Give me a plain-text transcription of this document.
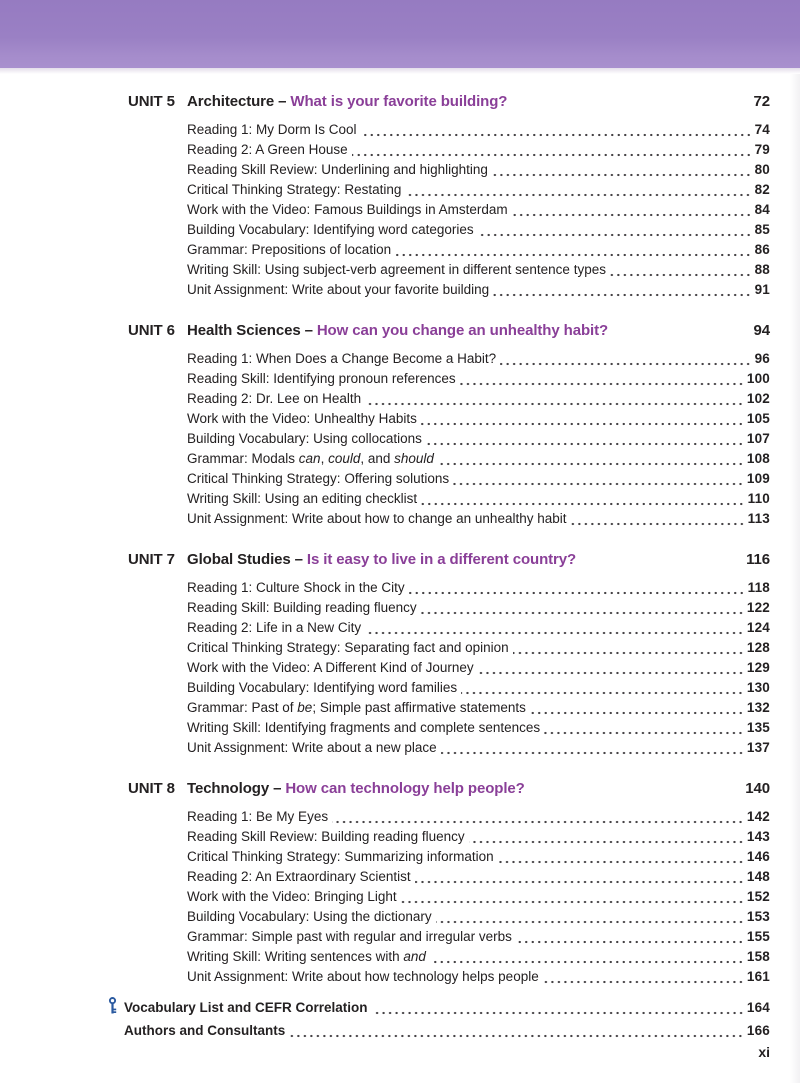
UNIT 5 Architecture – What is your favorite building?	72
Reading 1: My Dorm Is Cool	74
Reading 2: A Green House	79
Reading Skill Review: Underlining and highlighting	80
Critical Thinking Strategy: Restating	82
Work with the Video: Famous Buildings in Amsterdam	84
Building Vocabulary: Identifying word categories	85
Grammar: Prepositions of location	86
Writing Skill: Using subject-verb agreement in different sentence types	88
Unit Assignment: Write about your favorite building	91
UNIT 6 Health Sciences – How can you change an unhealthy habit?	94
Reading 1: When Does a Change Become a Habit?	96
Reading Skill: Identifying pronoun references	100
Reading 2: Dr. Lee on Health	102
Work with the Video: Unhealthy Habits	105
Building Vocabulary: Using collocations	107
Grammar: Modals can, could, and should	108
Critical Thinking Strategy: Offering solutions	109
Writing Skill: Using an editing checklist	110
Unit Assignment: Write about how to change an unhealthy habit	113
UNIT 7 Global Studies – Is it easy to live in a different country?	116
Reading 1: Culture Shock in the City	118
Reading Skill: Building reading fluency	122
Reading 2: Life in a New City	124
Critical Thinking Strategy: Separating fact and opinion	128
Work with the Video: A Different Kind of Journey	129
Building Vocabulary: Identifying word families	130
Grammar: Past of be; Simple past affirmative statements	132
Writing Skill: Identifying fragments and complete sentences	135
Unit Assignment: Write about a new place	137
UNIT 8 Technology – How can technology help people?	140
Reading 1: Be My Eyes	142
Reading Skill Review: Building reading fluency	143
Critical Thinking Strategy: Summarizing information	146
Reading 2: An Extraordinary Scientist	148
Work with the Video: Bringing Light	152
Building Vocabulary: Using the dictionary	153
Grammar: Simple past with regular and irregular verbs	155
Writing Skill: Writing sentences with and	158
Unit Assignment: Write about how technology helps people	161
Vocabulary List and CEFR Correlation	164
Authors and Consultants	166
xi
